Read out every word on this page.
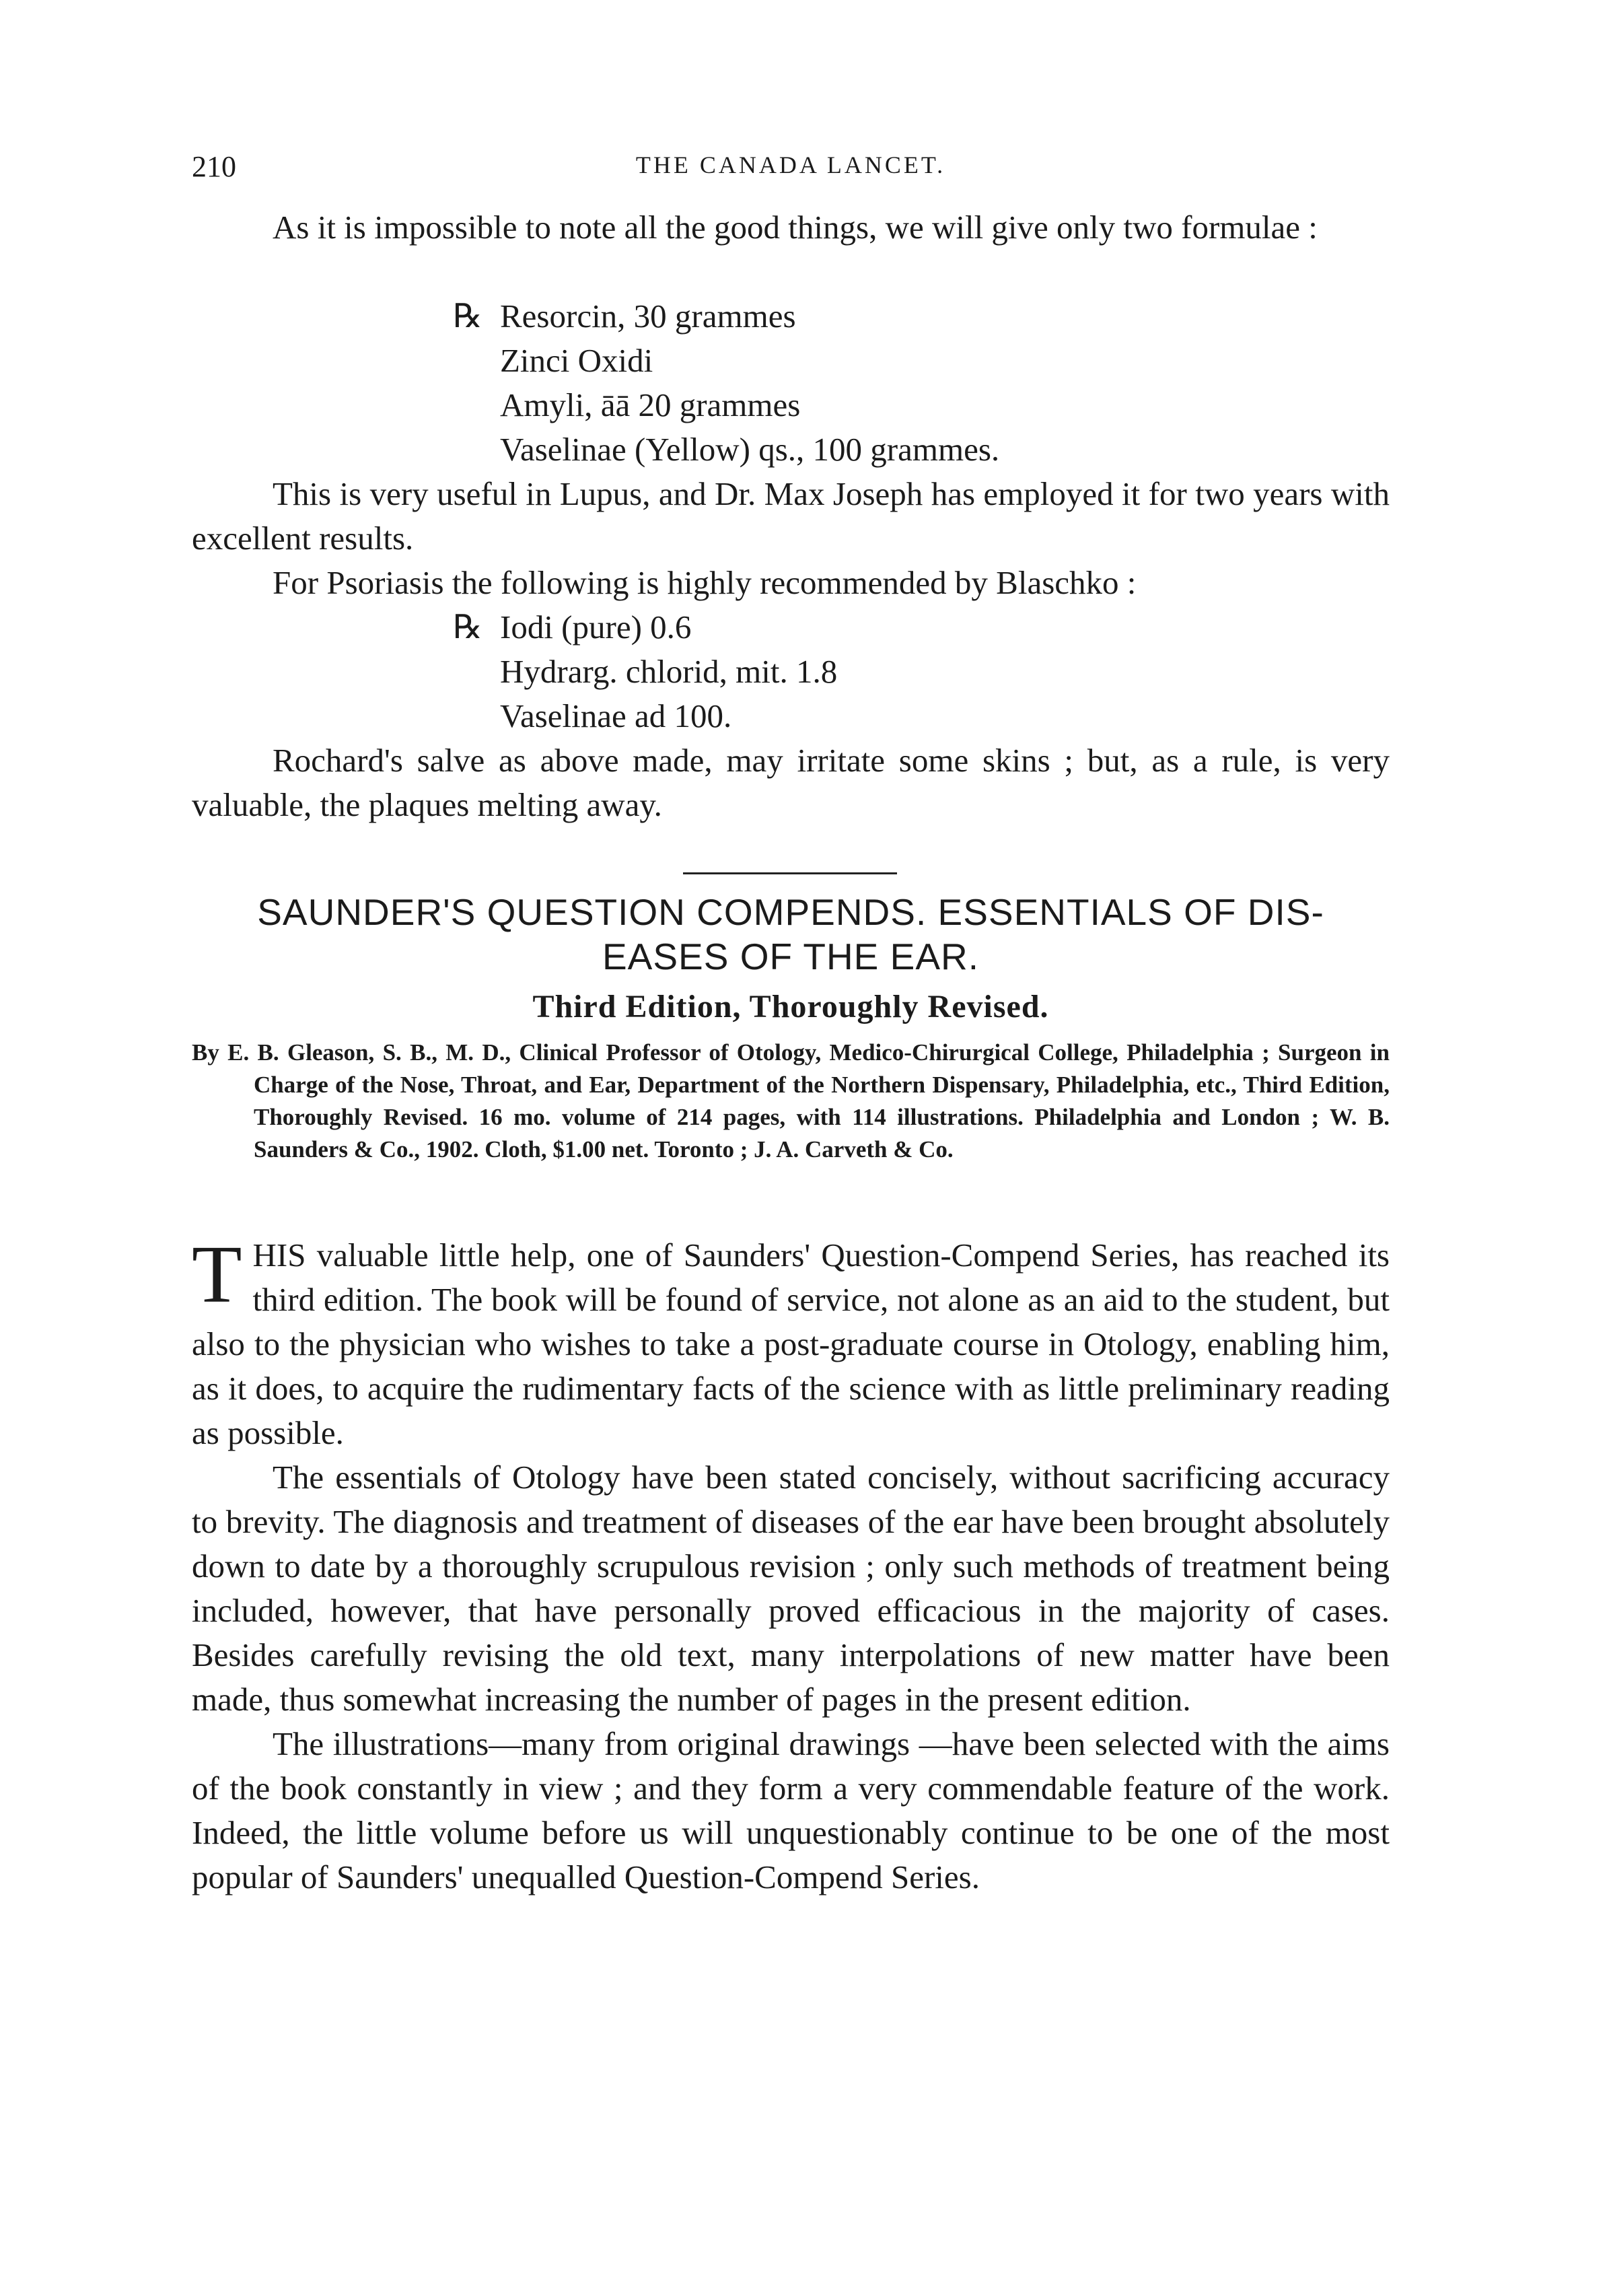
210	THE CANADA LANCET.

As it is impossible to note all the good things, we will give only two formulae :

℞ Resorcin, 30 grammes
Zinci Oxidi
Amyli, āā 20 grammes
Vaselinae (Yellow) qs., 100 grammes.

This is very useful in Lupus, and Dr. Max Joseph has employed it for two years with excellent results.

For Psoriasis the following is highly recommended by Blaschko :

℞ Iodi (pure) 0.6
Hydrarg. chlorid, mit. 1.8
Vaselinae ad 100.

Rochard's salve as above made, may irritate some skins ; but, as a rule, is very valuable, the plaques melting away.

SAUNDER'S QUESTION COMPENDS. ESSENTIALS OF DIS-
EASES OF THE EAR.
Third Edition, Thoroughly Revised.

By E. B. Gleason, S. B., M. D., Clinical Professor of Otology, Medico-Chirurgical College, Philadelphia ; Surgeon in Charge of the Nose, Throat, and Ear, Department of the Northern Dispensary, Philadelphia, etc., Third Edition, Thoroughly Revised. 16 mo. volume of 214 pages, with 114 illustrations. Philadelphia and London ; W. B. Saunders & Co., 1902. Cloth, $1.00 net. Toronto ; J. A. Carveth & Co.

THIS valuable little help, one of Saunders' Question-Compend Series, has reached its third edition. The book will be found of service, not alone as an aid to the student, but also to the physician who wishes to take a post-graduate course in Otology, enabling him, as it does, to acquire the rudimentary facts of the science with as little preliminary reading as possible.

The essentials of Otology have been stated concisely, without sacrificing accuracy to brevity. The diagnosis and treatment of diseases of the ear have been brought absolutely down to date by a thoroughly scrupulous revision ; only such methods of treatment being included, however, that have personally proved efficacious in the majority of cases. Besides carefully revising the old text, many interpolations of new matter have been made, thus somewhat increasing the number of pages in the present edition.

The illustrations—many from original drawings —have been selected with the aims of the book constantly in view ; and they form a very commendable feature of the work. Indeed, the little volume before us will unquestionably continue to be one of the most popular of Saunders' unequalled Question-Compend Series.
